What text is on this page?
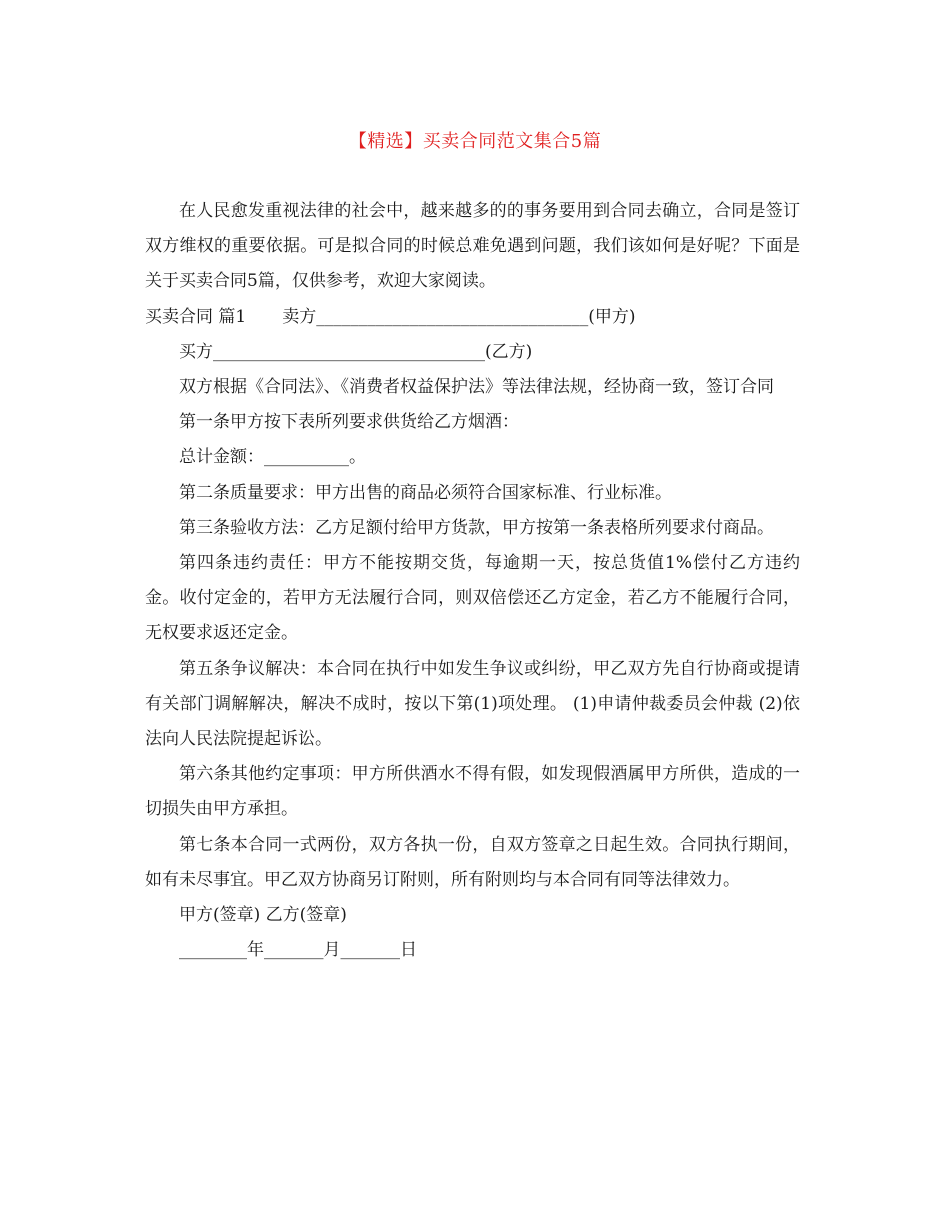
【精选】买卖合同范文集合5篇

在人民愈发重视法律的社会中，越来越多的的事务要用到合同去确立，合同是签订双方维权的重要依据。可是拟合同的时候总难免遇到问题，我们该如何是好呢？下面是关于买卖合同5篇，仅供参考，欢迎大家阅读。

买卖合同 篇1 卖方________________________________(甲方)

买方________________________________(乙方)

双方根据《合同法》、《消费者权益保护法》等法律法规，经协商一致，签订合同

第一条甲方按下表所列要求供货给乙方烟酒：

总计金额：__________。

第二条质量要求：甲方出售的商品必须符合国家标准、行业标准。

第三条验收方法：乙方足额付给甲方货款，甲方按第一条表格所列要求付商品。

第四条违约责任：甲方不能按期交货，每逾期一天，按总货值1%偿付乙方违约金。收付定金的，若甲方无法履行合同，则双倍偿还乙方定金，若乙方不能履行合同，无权要求返还定金。

第五条争议解决：本合同在执行中如发生争议或纠纷，甲乙双方先自行协商或提请有关部门调解解决，解决不成时，按以下第(1)项处理。 (1)申请仲裁委员会仲裁 (2)依法向人民法院提起诉讼。

第六条其他约定事项：甲方所供酒水不得有假，如发现假酒属甲方所供，造成的一切损失由甲方承担。

第七条本合同一式两份，双方各执一份，自双方签章之日起生效。合同执行期间，如有未尽事宜。甲乙双方协商另订附则，所有附则均与本合同有同等法律效力。

甲方(签章) 乙方(签章)

________年_______月_______日
